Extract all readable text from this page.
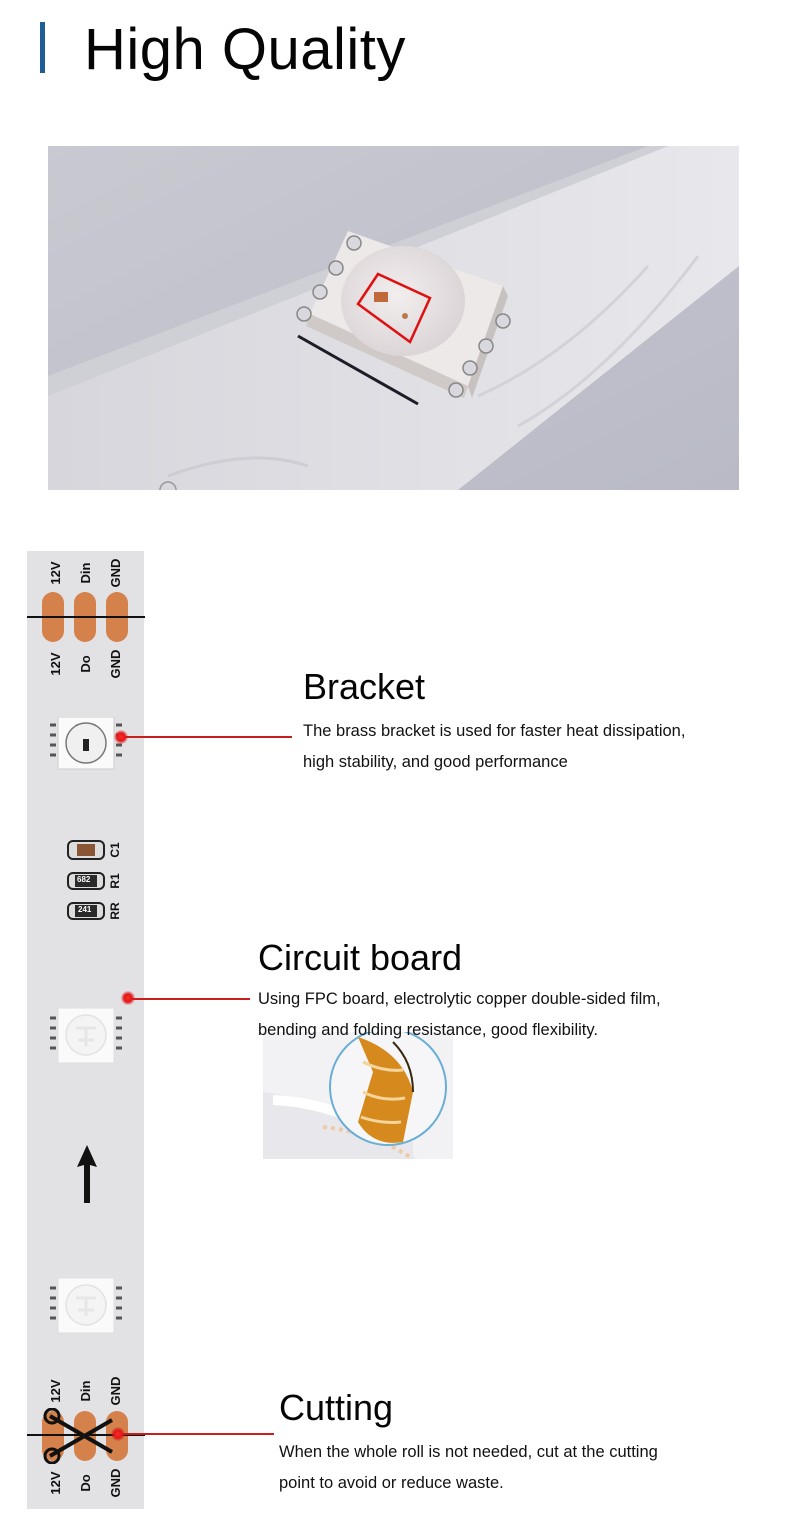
High Quality
12V Din GND
12V Do GND
C1
682 R1
241 RR
12V Din GND
12V Do GND
Bracket

The brass bracket is used for faster heat dissipation,

high stability, and good performance

Circuit board

Using FPC board, electrolytic copper double-sided film,

bending and folding resistance, good flexibility.

Cutting

When the whole roll is not needed, cut at the cutting

point to avoid or reduce waste.
